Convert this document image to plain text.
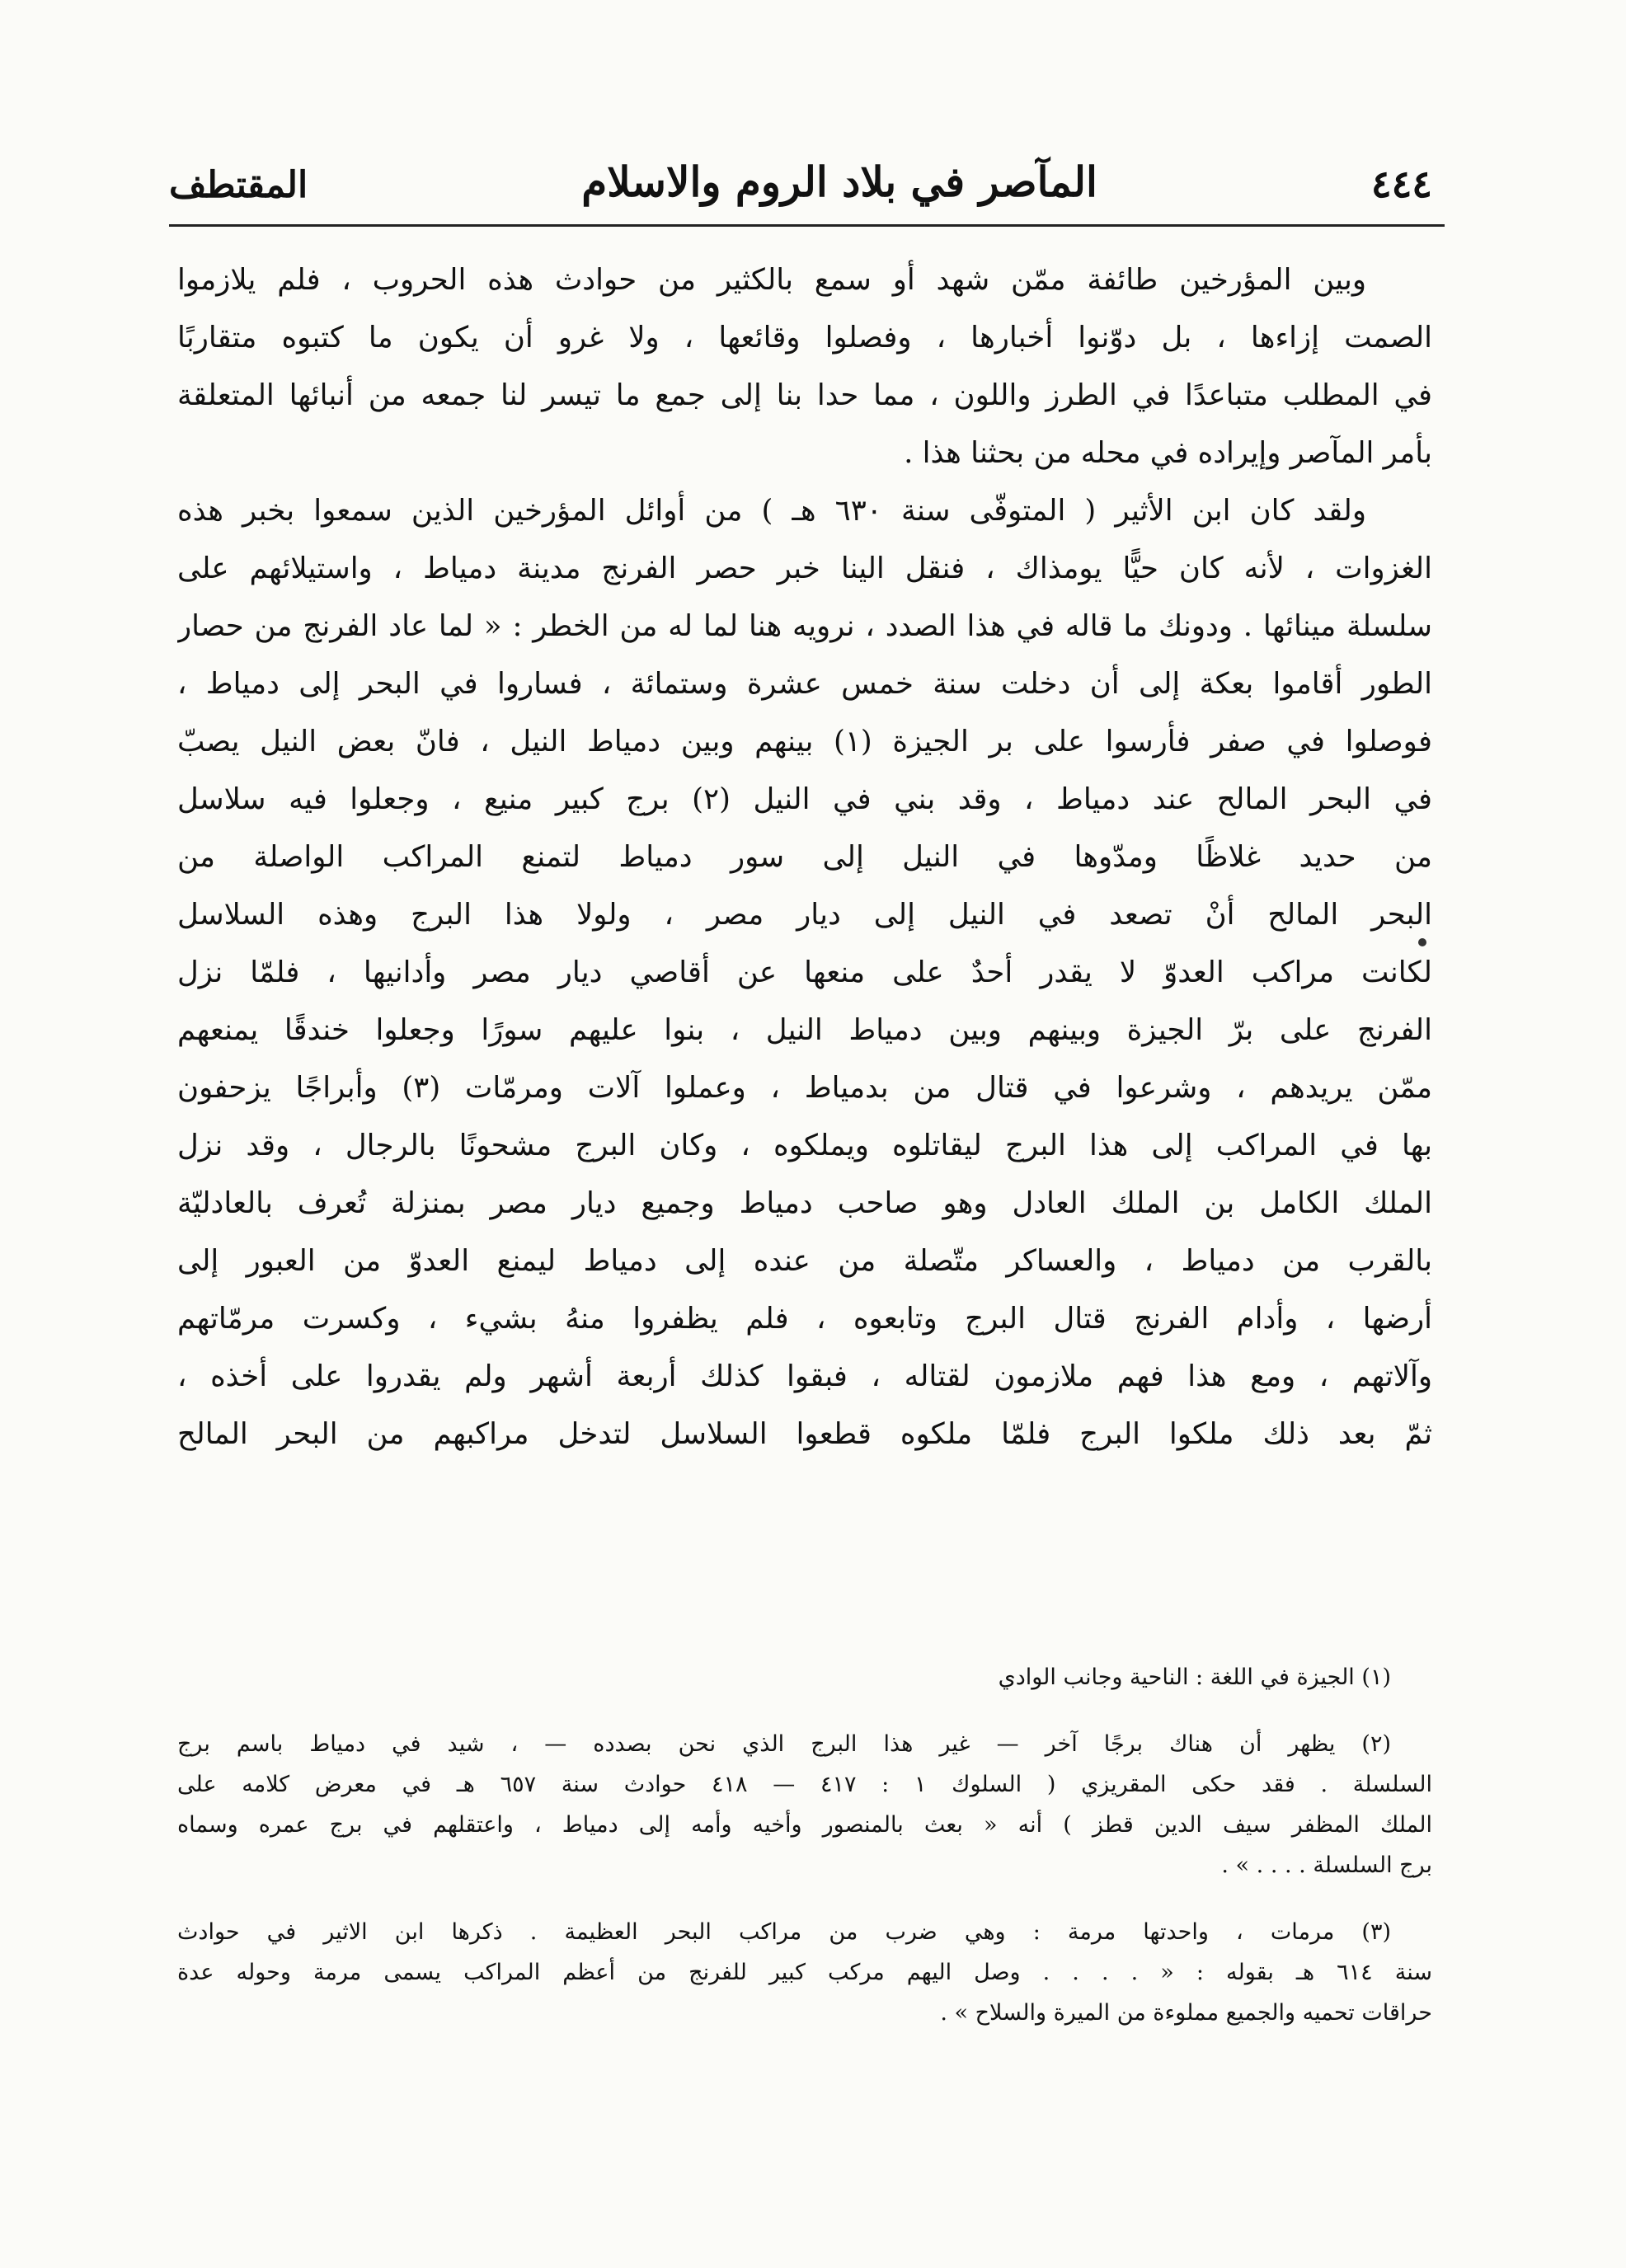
٤٤٤
المآصر في بلاد الروم والاسلام
المقتطف
وبين المؤرخين طائفة ممّن شهد أو سمع بالكثير من حوادث هذه الحروب ، فلم يلازموا
الصمت إزاءها ، بل دوّنوا أخبارها ، وفصلوا وقائعها ، ولا غرو أن يكون ما كتبوه متقاربًا
في المطلب متباعدًا في الطرز واللون ، مما حدا بنا إلى جمع ما تيسر لنا جمعه من أنبائها المتعلقة
بأمر المآصر وإيراده في محله من بحثنا هذا .
ولقد كان ابن الأثير ( المتوفّى سنة ٦٣٠ هـ ) من أوائل المؤرخين الذين سمعوا بخبر هذه
الغزوات ، لأنه كان حيًّا يومذاك ، فنقل الينا خبر حصر الفرنج مدينة دمياط ، واستيلائهم على
سلسلة مينائها . ودونك ما قاله في هذا الصدد ، نرويه هنا لما له من الخطر : « لما عاد الفرنج من حصار
الطور أقاموا بعكة إلى أن دخلت سنة خمس عشرة وستمائة ، فساروا في البحر إلى دمياط ،
فوصلوا في صفر فأرسوا على بر الجيزة (١) بينهم وبين دمياط النيل ، فانّ بعض النيل يصبّ
في البحر المالح عند دمياط ، وقد بني في النيل (٢) برج كبير منيع ، وجعلوا فيه سلاسل
من حديد غلاظًا ومدّوها في النيل إلى سور دمياط لتمنع المراكب الواصلة من
البحر المالح أنْ تصعد في النيل إلى ديار مصر ، ولولا هذا البرج وهذه السلاسل
لكانت مراكب العدوّ لا يقدر أحدٌ على منعها عن أقاصي ديار مصر وأدانيها ، فلمّا نزل
الفرنج على برّ الجيزة وبينهم وبين دمياط النيل ، بنوا عليهم سورًا وجعلوا خندقًا يمنعهم
ممّن يريدهم ، وشرعوا في قتال من بدمياط ، وعملوا آلات ومرمّات (٣) وأبراجًا يزحفون
بها في المراكب إلى هذا البرج ليقاتلوه ويملكوه ، وكان البرج مشحونًا بالرجال ، وقد نزل
الملك الكامل بن الملك العادل وهو صاحب دمياط وجميع ديار مصر بمنزلة تُعرف بالعادليّة
بالقرب من دمياط ، والعساكر متّصلة من عنده إلى دمياط ليمنع العدوّ من العبور إلى
أرضها ، وأدام الفرنج قتال البرج وتابعوه ، فلم يظفروا منهُ بشيء ، وكسرت مرمّاتهم
وآلاتهم ، ومع هذا فهم ملازمون لقتاله ، فبقوا كذلك أربعة أشهر ولم يقدروا على أخذه ،
ثمّ بعد ذلك ملكوا البرج فلمّا ملكوه قطعوا السلاسل لتدخل مراكبهم من البحر المالح
(١) الجيزة في اللغة : الناحية وجانب الوادي
(٢) يظهر أن هناك برجًا آخر — غير هذا البرج الذي نحن بصدده — ، شيد في دمياط باسم برج
السلسلة . فقد حكى المقريزي ( السلوك ١ : ٤١٧ — ٤١٨ حوادث سنة ٦٥٧ هـ في معرض كلامه على
الملك المظفر سيف الدين قطز ) أنه « بعث بالمنصور وأخيه وأمه إلى دمياط ، واعتقلهم في برج عمره وسماه
برج السلسلة . . . . » .
(٣) مرمات ، واحدتها مرمة : وهي ضرب من مراكب البحر العظيمة . ذكرها ابن الاثير في حوادث
سنة ٦١٤ هـ بقوله : « . . . . وصل اليهم مركب كبير للفرنج من أعظم المراكب يسمى مرمة وحوله عدة
حراقات تحميه والجميع مملوءة من الميرة والسلاح » .
